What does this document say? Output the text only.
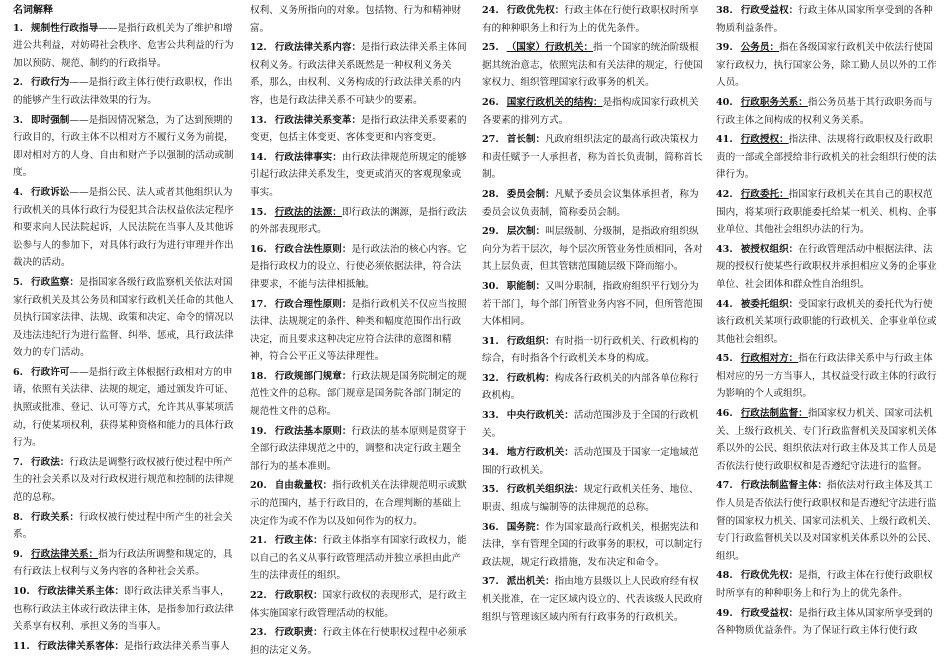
名词解释
1. 规制性行政指导——是指行政机关为了维护和增进公共利益，对妨碍社会秩序、危害公共利益的行为加以预防、规范、制约的行政指导。
2. 行政行为——是指行政主体行使行政职权，作出的能够产生行政法律效果的行为。
3. 即时强制——是指因情况紧急，为了达到预期的行政目的，行政主体不以相对方不履行义务为前提，即对相对方的人身、自由和财产予以强制的活动或制度。
4. 行政诉讼——是指公民、法人或者其他组织认为行政机关的具体行政行为侵犯其合法权益依法定程序和要求向人民法院起诉，人民法院在当事人及其他诉讼参与人的参加下，对具体行政行为进行审理并作出裁决的活动。
5. 行政监察：是指国家各级行政监察机关依法对国家行政机关及其公务员和国家行政机关任命的其他人员执行国家法律、法规、政策和决定、命令的情况以及违法违纪行为进行监督、纠举、惩戒，具行政法律效力的专门活动。
6. 行政许可——是指行政主体根据行政相对方的申请，依照有关法律、法规的规定，通过颁发许可证、执照或批准、登记、认可等方式，允许其从事某项活动，行使某项权利，获得某种资格和能力的具体行政行为。
7. 行政法：行政法是调整行政权被行使过程中所产生的社会关系以及对行政权进行规范和控制的法律规范的总称。
8. 行政关系：行政权被行使过程中所产生的社会关系。
9. 行政法律关系：指为行政法所调整和规定的，具有行政法上权利与义务内容的各种社会关系。
10. 行政法律关系主体：即行政法律关系当事人，也称行政法主体或行政法律主体，是指参加行政法律关系享有权利、承担义务的当事人。
11. 行政法律关系客体：是指行政法律关系当事人
权利、义务所指向的对象。包括物、行为和精神财富。
12. 行政法律关系内容：是指行政法律关系主体间权利义务。行政法律关系既然是一种权利义务关系，那么，由权利、义务构成的行政法律关系的内容，也是行政法律关系不可缺少的要素。
13. 行政法律关系变革：是指行政法律关系要素的变更，包括主体变更、客体变更和内容变更。
14. 行政法律事实：由行政法律规范所规定的能够引起行政法律关系发生，变更或消灭的客观现象或事实。
15. 行政法的法源：即行政法的渊源，是指行政法的外部表现形式。
16. 行政合法性原则：是行政法治的核心内容。它是指行政权力的设立、行使必须依据法律，符合法律要求，不能与法律相抵触。
17. 行政合理性原则：是指行政机关不仅应当按照法律、法规规定的条件、种类和幅度范围作出行政决定，而且要求这种决定应符合法律的意图和精神，符合公平正义等法律理性。
18. 行政规部门规章：行政法规是国务院制定的规范性文件的总称。部门规章是国务院各部门制定的规范性文件的总称。
19. 行政法基本原则：行政法的基本原则是贯穿于全部行政法律规范之中的，调整和决定行政主题全部行为的基本准则。
20. 自由裁量权：指行政机关在法律规范明示或默示的范围内，基于行政目的，在合理判断的基础上决定作为或不作为以及如何作为的权力。
21. 行政主体：行政主体指享有国家行政权力，能以自己的名义从事行政管理活动并独立承担由此产生的法律责任的组织。
22. 行政职权：国家行政权的表现形式，是行政主体实施国家行政管理活动的权能。
23. 行政职责：行政主体在行使职权过程中必须承担的法定义务。
24. 行政优先权：行政主体在行使行政职权时所享有的种种职务上和行为上的优先条件。
25. （国家）行政机关：指一个国家的统治阶级根据其统治意志，依照宪法和有关法律的规定，行使国家权力、组织管理国家行政事务的机关。
26. 国家行政机关的结构：是指构成国家行政机关各要素的排列方式。
27. 首长制：凡政府组织法定的最高行政决策权力和责任赋予一人承担者，称为首长负责制，简称首长制。
28. 委员会制：凡赋予委员会议集体承担者，称为委员会议负责制，简称委员会制。
29. 层次制：叫层级制、分级制，是指政府组织纵向分为若干层次，每个层次所管业务性质相同，各对其上层负责，但其管辖范围随层级下降而缩小。
30. 职能制：又叫分职制，指政府组织平行划分为若干部门，每个部门所管业务内容不同，但所管范围大体相同。
31. 行政组织：有时指一切行政机关、行政机构的综合，有时指各个行政机关本身的构成。
32. 行政机构：构成各行政机关的内部各单位称行政机构。
33. 中央行政机关：活动范围涉及于全国的行政机关。
34. 地方行政机关：活动范围及于国家一定地域范围的行政机关。
35. 行政机关组织法：规定行政机关任务、地位、职责、组成与编制等的法律规范的总称。
36. 国务院：作为国家最高行政机关，根据宪法和法律，享有管理全国的行政事务的职权，可以制定行政法规，规定行政措施，发布决定和命令。
37. 派出机关：指由地方县级以上人民政府经有权机关批准，在一定区域内设立的、代表该级人民政府组织与管理该区域内所有行政事务的行政机关。
38. 行政受益权：行政主体从国家所享受到的各种物质利益条件。
39. 公务员：指在各级国家行政机关中依法行使国家行政权力，执行国家公务，除工勤人员以外的工作人员。
40. 行政职务关系：指公务员基于其行政职务而与行政主体之间构成的权利义务关系。
41. 行政授权：指法律、法规将行政职权及行政职责的一部或全部授给非行政机关的社会组织行使的法律行为。
42. 行政委托：指国家行政机关在其自己的职权范围内，将某项行政职能委托给某一机关、机构、企事业单位、其他社会组织办法的行为。
43. 被授权组织：在行政管理活动中根据法律、法规的授权行使某些行政职权并承担相应义务的企事业单位、社会团体和群众性自治组织。
44. 被委托组织：受国家行政机关的委托代为行使该行政机关某项行政职能的行政机关、企事业单位或其他社会组织。
45. 行政相对方：指在行政法律关系中与行政主体相对应的另一方当事人，其权益受行政主体的行政行为影响的个人或组织。
46. 行政法制监督：指国家权力机关、国家司法机关、上级行政机关、专门行政监督机关及国家机关体系以外的公民、组织依法对行政主体及其工作人员是否依法行使行政职权和是否遵纪守法进行的监督。
47. 行政法制监督主体：指依法对行政主体及其工作人员是否依法行使行政职权和是否遵纪守法进行监督的国家权力机关、国家司法机关、上级行政机关、专门行政监督机关以及对国家机关体系以外的公民、组织。
48. 行政优先权：是指，行政主体在行使行政职权时所享有的种种职务上和行为上的优先条件。
49. 行政受益权：是指行政主体从国家所享受到的各种物质优益条件。为了保证行政主体行使行政
